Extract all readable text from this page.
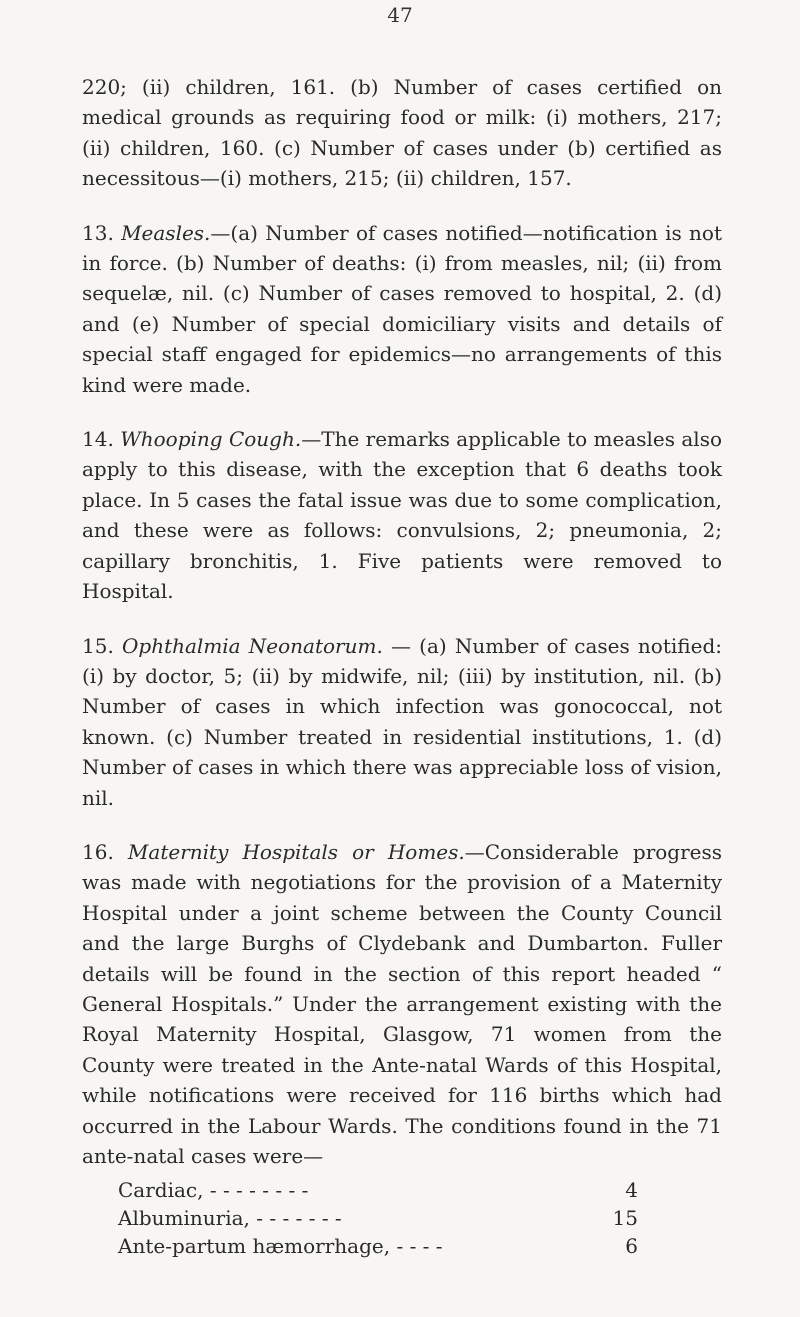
47

220; (ii) children, 161. (b) Number of cases certified on medical grounds as requiring food or milk: (i) mothers, 217; (ii) children, 160. (c) Number of cases under (b) certified as necessitous—(i) mothers, 215; (ii) children, 157.

13. Measles.—(a) Number of cases notified—notification is not in force. (b) Number of deaths: (i) from measles, nil; (ii) from sequelæ, nil. (c) Number of cases removed to hospital, 2. (d) and (e) Number of special domiciliary visits and details of special staff engaged for epidemics—no arrangements of this kind were made.

14. Whooping Cough.—The remarks applicable to measles also apply to this disease, with the exception that 6 deaths took place. In 5 cases the fatal issue was due to some complication, and these were as follows: convulsions, 2; pneumonia, 2; capillary bronchitis, 1. Five patients were removed to Hospital.

15. Ophthalmia Neonatorum. — (a) Number of cases notified: (i) by doctor, 5; (ii) by midwife, nil; (iii) by institution, nil. (b) Number of cases in which infection was gonococcal, not known. (c) Number treated in residential institutions, 1. (d) Number of cases in which there was appreciable loss of vision, nil.

16. Maternity Hospitals or Homes.—Considerable progress was made with negotiations for the provision of a Maternity Hospital under a joint scheme between the County Council and the large Burghs of Clydebank and Dumbarton. Fuller details will be found in the section of this report headed “ General Hospitals.” Under the arrangement existing with the Royal Maternity Hospital, Glasgow, 71 women from the County were treated in the Ante-natal Wards of this Hospital, while notifications were received for 116 births which had occurred in the Labour Wards. The conditions found in the 71 ante-natal cases were—

Cardiac, - - - - - - - -	4
Albuminuria, - - - - - - -	15
Ante-partum hæmorrhage, - - - -	6
